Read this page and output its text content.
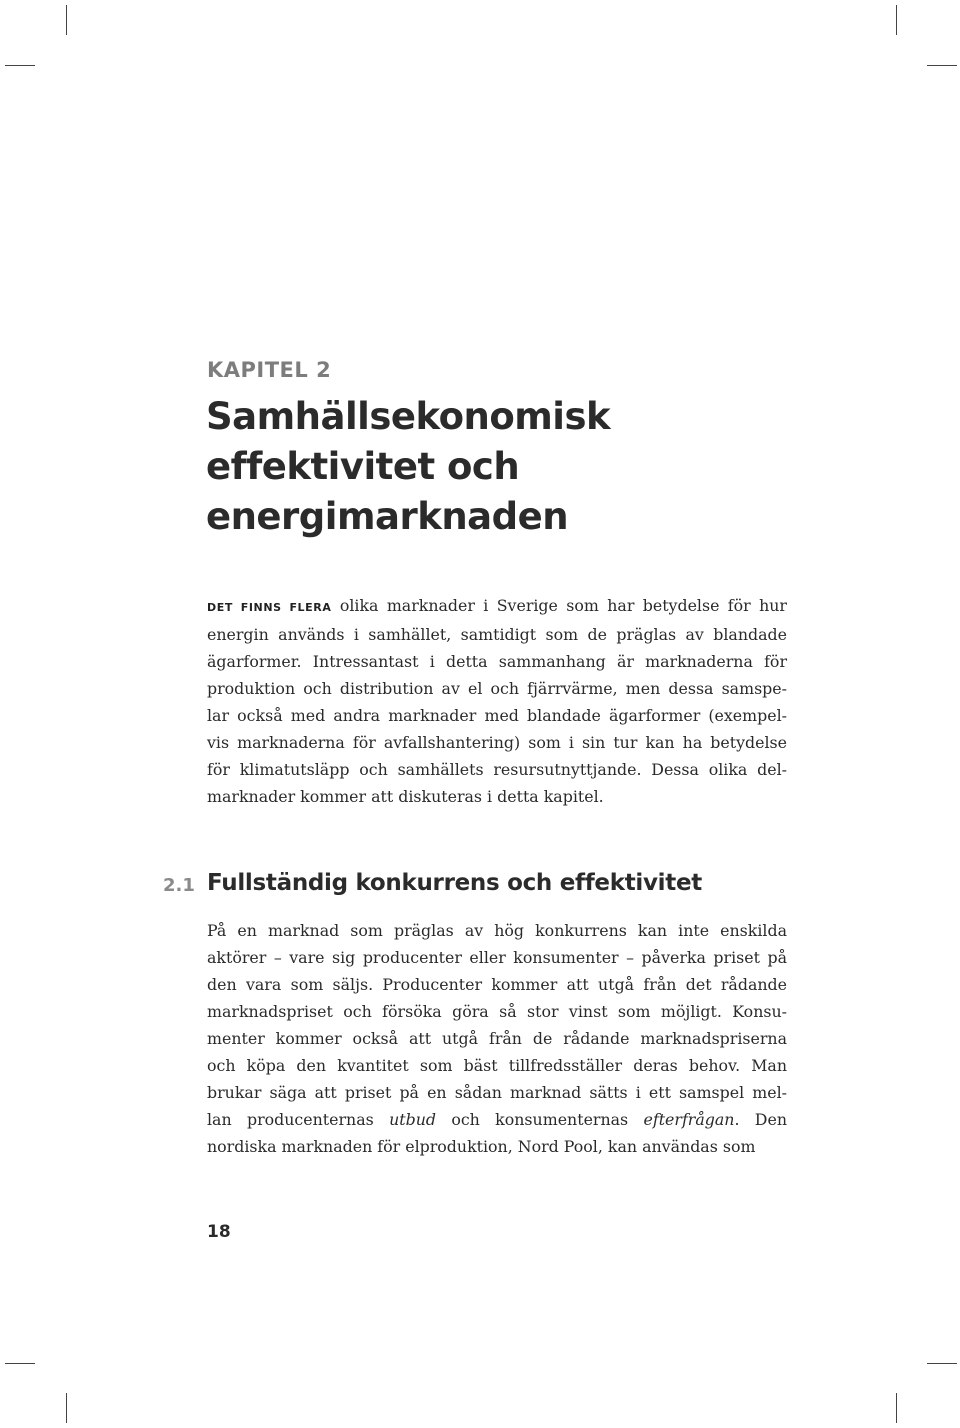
KAPITEL 2
Samhällsekonomisk
effektivitet och
energimarknaden
DET FINNS FLERA olika marknader i Sverige som har betydelse för hur
energin används i samhället, samtidigt som de präglas av blandade
ägarformer. Intressantast i detta sammanhang är marknaderna för
produktion och distribution av el och fjärrvärme, men dessa samspe-
lar också med andra marknader med blandade ägarformer (exempel-
vis marknaderna för avfallshantering) som i sin tur kan ha betydelse
för klimatutsläpp och samhällets resursutnyttjande. Dessa olika del-
marknader kommer att diskuteras i detta kapitel.
2.1 Fullständig konkurrens och effektivitet
På en marknad som präglas av hög konkurrens kan inte enskilda
aktörer – vare sig producenter eller konsumenter – påverka priset på
den vara som säljs. Producenter kommer att utgå från det rådande
marknadspriset och försöka göra så stor vinst som möjligt. Konsu-
menter kommer också att utgå från de rådande marknadspriserna
och köpa den kvantitet som bäst tillfredsställer deras behov. Man
brukar säga att priset på en sådan marknad sätts i ett samspel mel-
lan producenternas utbud och konsumenternas efterfrågan. Den
nordiska marknaden för elproduktion, Nord Pool, kan användas som
18
